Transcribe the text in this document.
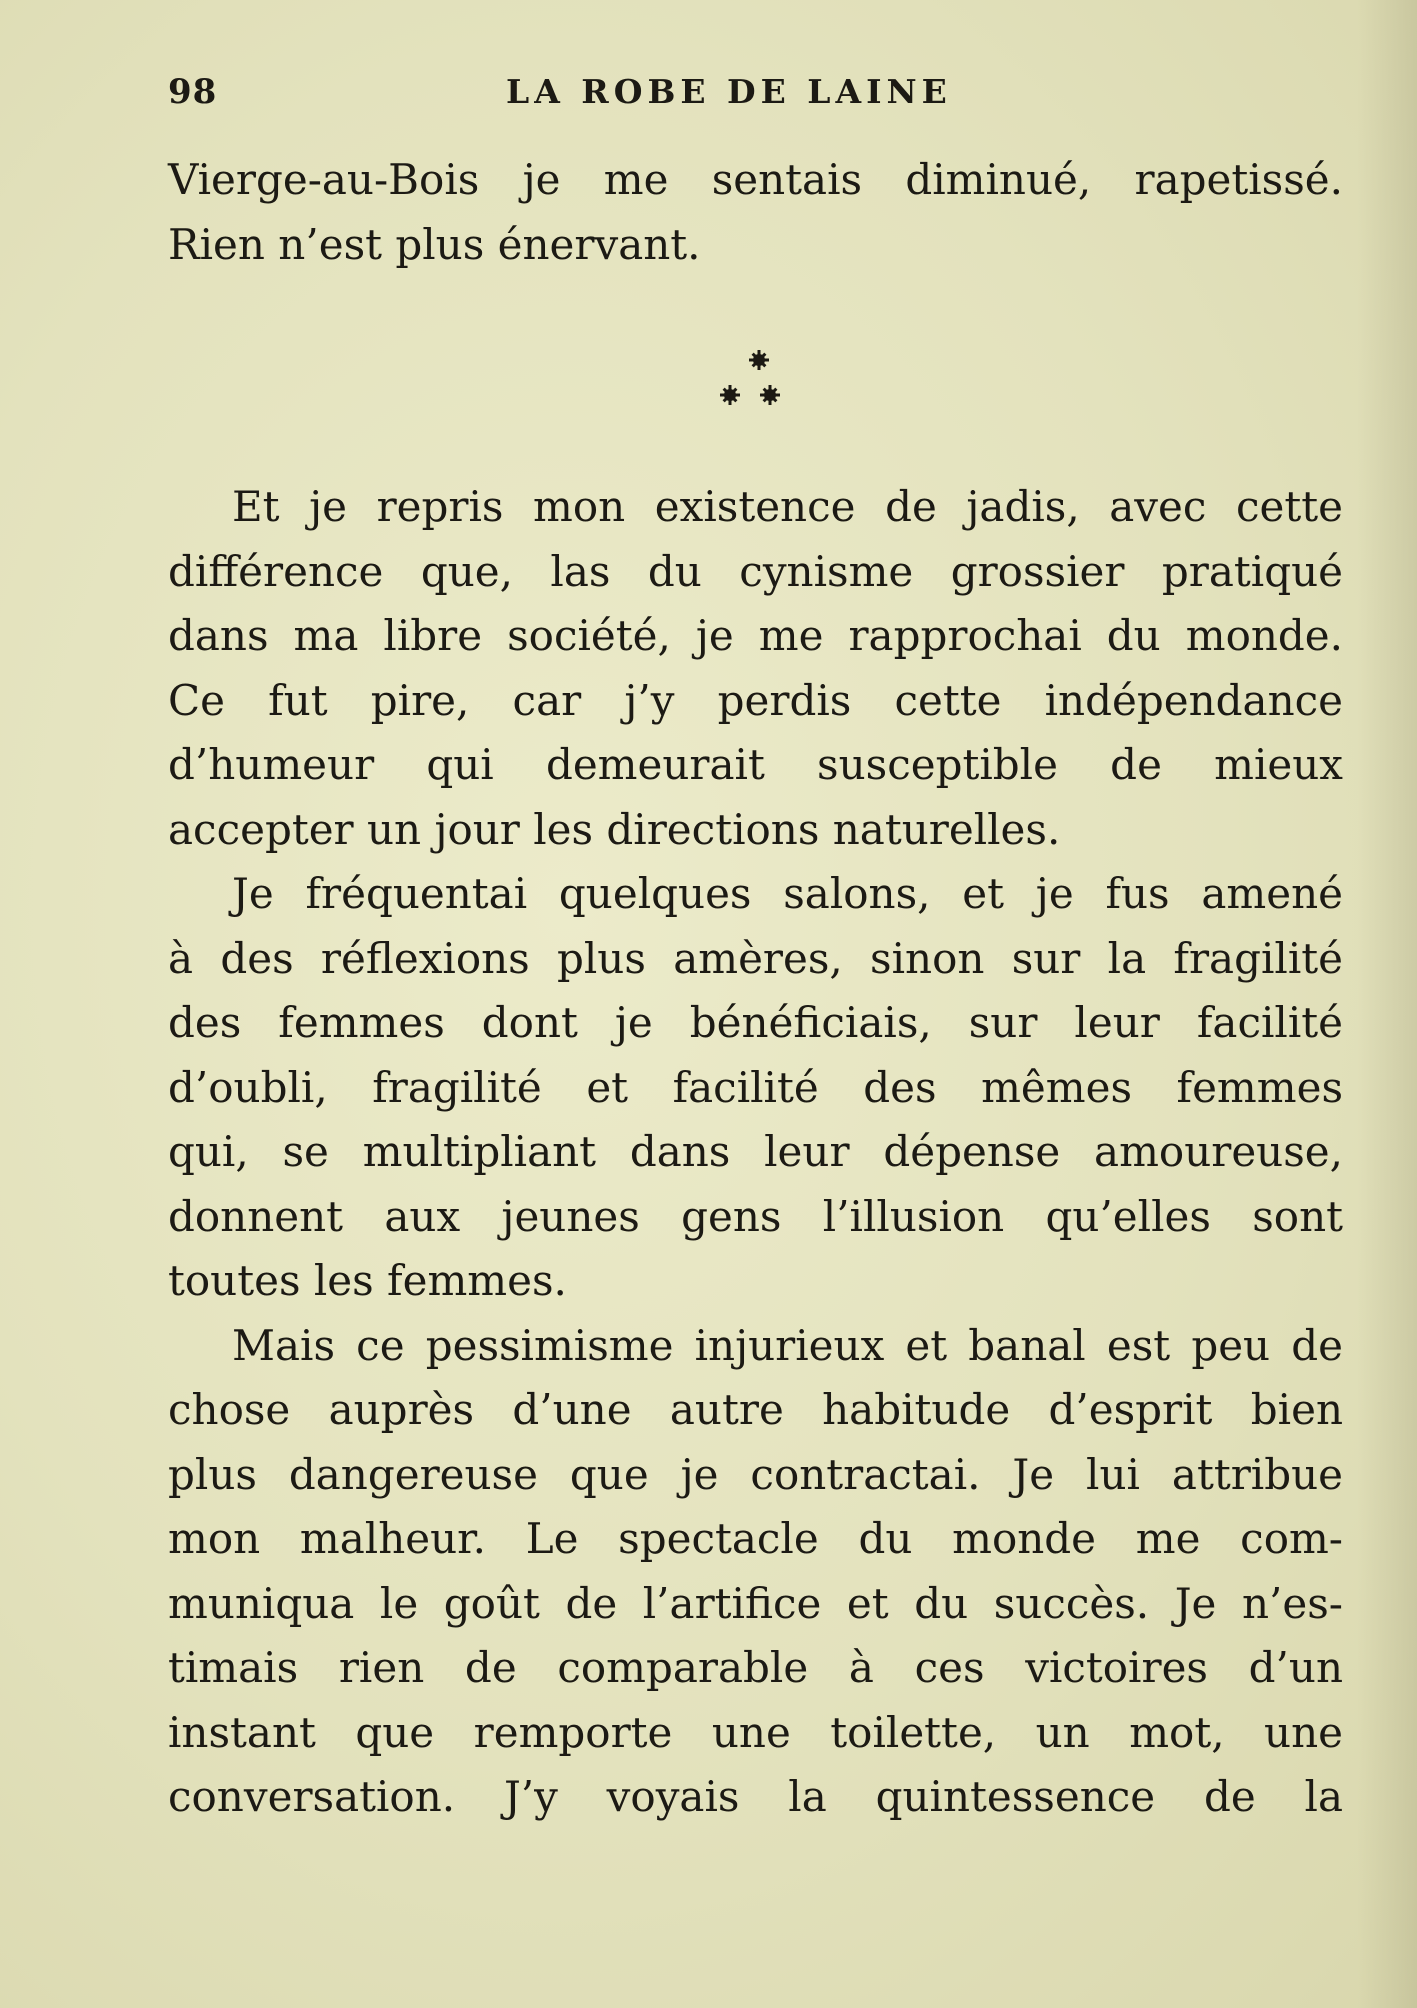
98	LA ROBE DE LAINE
Vierge-au-Bois je me sentais diminué, rapetissé.
Rien n’est plus énervant.
Et je repris mon existence de jadis, avec cette
différence que, las du cynisme grossier pratiqué
dans ma libre société, je me rapprochai du monde.
Ce fut pire, car j’y perdis cette indépendance
d’humeur qui demeurait susceptible de mieux
accepter un jour les directions naturelles.
Je fréquentai quelques salons, et je fus amené
à des réflexions plus amères, sinon sur la fragilité
des femmes dont je bénéficiais, sur leur facilité
d’oubli, fragilité et facilité des mêmes femmes
qui, se multipliant dans leur dépense amoureuse,
donnent aux jeunes gens l’illusion qu’elles sont
toutes les femmes.
Mais ce pessimisme injurieux et banal est peu de
chose auprès d’une autre habitude d’esprit bien
plus dangereuse que je contractai. Je lui attribue
mon malheur. Le spectacle du monde me com-
muniqua le goût de l’artifice et du succès. Je n’es-
timais rien de comparable à ces victoires d’un
instant que remporte une toilette, un mot, une
conversation. J’y voyais la quintessence de la
